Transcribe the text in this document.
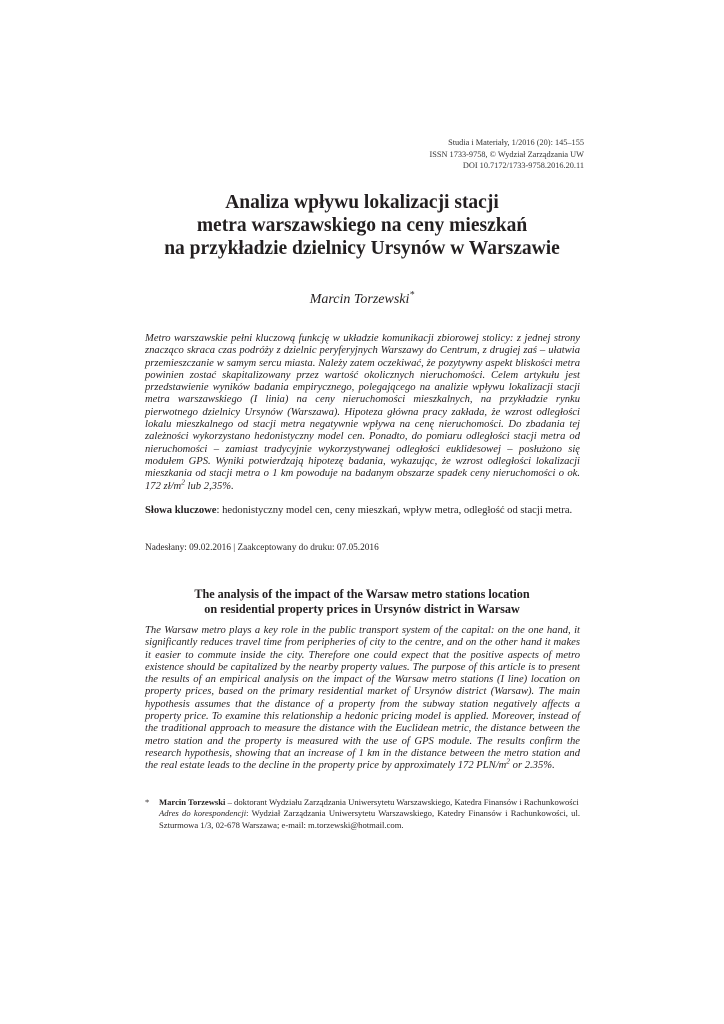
Studia i Materiały, 1/2016 (20): 145–155
ISSN 1733-9758, © Wydział Zarządzania UW
DOI 10.7172/1733-9758.2016.20.11
Analiza wpływu lokalizacji stacji
metra warszawskiego na ceny mieszkań
na przykładzie dzielnicy Ursynów w Warszawie
Marcin Torzewski*
Metro warszawskie pełni kluczową funkcję w układzie komunikacji zbiorowej stolicy: z jednej strony znacząco skraca czas podróży z dzielnic peryferyjnych Warszawy do Centrum, z drugiej zaś – ułatwia przemieszczanie w samym sercu miasta. Należy zatem oczekiwać, że pozytywny aspekt bliskości metra powinien zostać skapitalizowany przez wartość okolicznych nieruchomości. Celem artykułu jest przedstawienie wyników badania empirycznego, polegającego na analizie wpływu lokalizacji stacji metra warszawskiego (I linia) na ceny nieruchomości mieszkalnych, na przykładzie rynku pierwotnego dzielnicy Ursynów (Warszawa). Hipoteza główna pracy zakłada, że wzrost odległości lokalu mieszkalnego od stacji metra negatywnie wpływa na cenę nieruchomości. Do zbadania tej zależności wykorzystano hedonistyczny model cen. Ponadto, do pomiaru odległości stacji metra od nieruchomości – zamiast tradycyjnie wykorzystywanej odległości euklidesowej – posłużono się modułem GPS. Wyniki potwierdzają hipotezę badania, wykazując, że wzrost odległości lokalizacji mieszkania od stacji metra o 1 km powoduje na badanym obszarze spadek ceny nieruchomości o ok. 172 $zł/m^2$ lub 2,35%.
Słowa kluczowe: hedonistyczny model cen, ceny mieszkań, wpływ metra, odległość od stacji metra.
Nadesłany: 09.02.2016 | Zaakceptowany do druku: 07.05.2016
The analysis of the impact of the Warsaw metro stations location
on residential property prices in Ursynów district in Warsaw
The Warsaw metro plays a key role in the public transport system of the capital: on the one hand, it significantly reduces travel time from peripheries of city to the centre, and on the other hand it makes it easier to commute inside the city. Therefore one could expect that the positive aspects of metro existence should be capitalized by the nearby property values. The purpose of this article is to present the results of an empirical analysis on the impact of the Warsaw metro stations (I line) location on property prices, based on the primary residential market of Ursynów district (Warsaw). The main hypothesis assumes that the distance of a property from the subway station negatively affects a property price. To examine this relationship a hedonic pricing model is applied. Moreover, instead of the traditional approach to measure the distance with the Euclidean metric, the distance between the metro station and the property is measured with the use of GPS module. The results confirm the research hypothesis, showing that an increase of 1 km in the distance between the metro station and the real estate leads to the decline in the property price by approximately 172 PLN/$m^2$ or 2.35%.
* Marcin Torzewski – doktorant Wydziału Zarządzania Uniwersytetu Warszawskiego, Katedra Finansów i Rachunkowości
Adres do korespondencji: Wydział Zarządzania Uniwersytetu Warszawskiego, Katedry Finansów i Rachunkowości, ul. Szturmowa 1/3, 02-678 Warszawa; e-mail: m.torzewski@hotmail.com.
